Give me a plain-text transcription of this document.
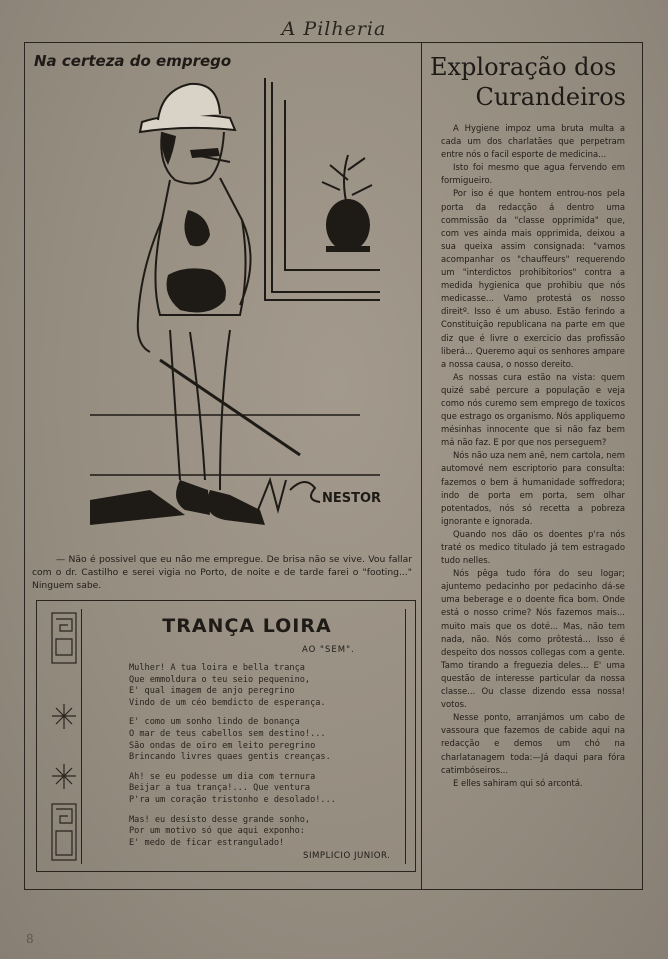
A Pilheria
Na certeza do emprego
NESTOR
— Não é possivel que eu não me empregue. De brisa não se vive. Vou fallar com o dr. Castilho e serei vigia no Porto, de noite e de tarde farei o "footing..." Ninguem sabe.
TRANÇA LOIRA
AO "SEM".
Mulher! A tua loira e bella trança
Que emmoldura o teu seio pequenino,
E' qual imagem de anjo peregrino
Vindo de um céo bemdicto de esperança.
E' como um sonho lindo de bonança
O mar de teus cabellos sem destino!...
São ondas de oiro em leito peregrino
Brincando livres quaes gentis creanças.
Ah! se eu podesse um dia com ternura
Beijar a tua trança!... Que ventura
P'ra um coração tristonho e desolado!...
Mas! eu desisto desse grande sonho,
Por um motivo só que aqui exponho:
E' medo de ficar estrangulado!
SIMPLICIO JUNIOR.
Exploração dos
Curandeiros

A Hygiene impoz uma bruta multa a cada um dos charlatães que perpetram entre nós o facil esporte de medicina...

Isto foi mesmo que agua fervendo em formigueiro.

Por iso é que hontem entrou-nos pela porta da redacção á dentro uma commissão da "classe opprimida" que, com ves ainda mais opprimida, deixou a sua queixa assim consignada: "vamos acompanhar os "chauffeurs" requerendo um "interdictos prohibitorios" contra a medida hygienica que prohibiu que nós medicasse... Vamo protestá os nosso direitº. Isso é um abuso. Estão ferindo a Constituição republicana na parte em que diz que é livre o exercicio das profissão liberá... Queremo aqui os senhores ampare a nossa causa, o nosso dereito.

As nossas cura estão na vista: quem quizé sabé percure a população e veja como nós curemo sem emprego de toxicos que estrago os organismo. Nós appliquemo mésinhas innocente que si não faz bem má não faz. E por que nos perseguem?

Nós não uza nem anê, nem cartola, nem automové nem escriptorio para consulta: fazemos o bem á humanidade soffredora; indo de porta em porta, sem olhar potentados, nós só recetta a pobreza ignorante e ignorada.

Quando nos dão os doentes p'ra nós traté os medico titulado já tem estragado tudo nelles.

Nós pêga tudo fóra do seu logar; ajuntemo pedacinho por pedacinho dá-se uma beberage e o doente fica bom. Onde está o nosso crime? Nós fazemos mais... muito mais que os doté... Mas, não tem nada, não. Nós como prôtestá... Isso é despeito dos nossos collegas com a gente. Tamo tirando a freguezia deles... E' uma questão de interesse particular da nossa classe... Ou classe dizendo essa nossa! votos.

Nesse ponto, arranjámos um cabo de vassoura que fazemos de cabide aqui na redacção e demos um chó na charlatanagem toda:—Já daqui para fóra catimbóseiros...

E elles sahiram qui só arcontá.

8
